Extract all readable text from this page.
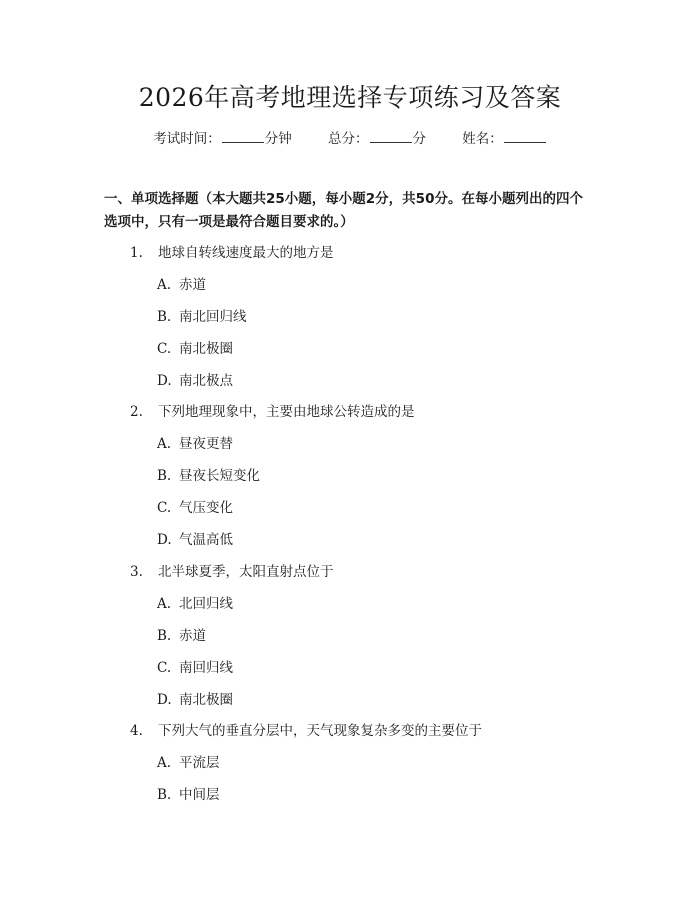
2026年高考地理选择专项练习及答案
考试时间：	分钟	总分：	分	姓名：

一、单项选择题（本大题共25小题，每小题2分，共50分。在每小题列出的四个选项中，只有一项是最符合题目要求的。）

1. 地球自转线速度最大的地方是
A. 赤道
B. 南北回归线
C. 南北极圈
D. 南北极点
2. 下列地理现象中，主要由地球公转造成的是
A. 昼夜更替
B. 昼夜长短变化
C. 气压变化
D. 气温高低
3. 北半球夏季，太阳直射点位于
A. 北回归线
B. 赤道
C. 南回归线
D. 南北极圈
4. 下列大气的垂直分层中，天气现象复杂多变的主要位于
A. 平流层
B. 中间层
